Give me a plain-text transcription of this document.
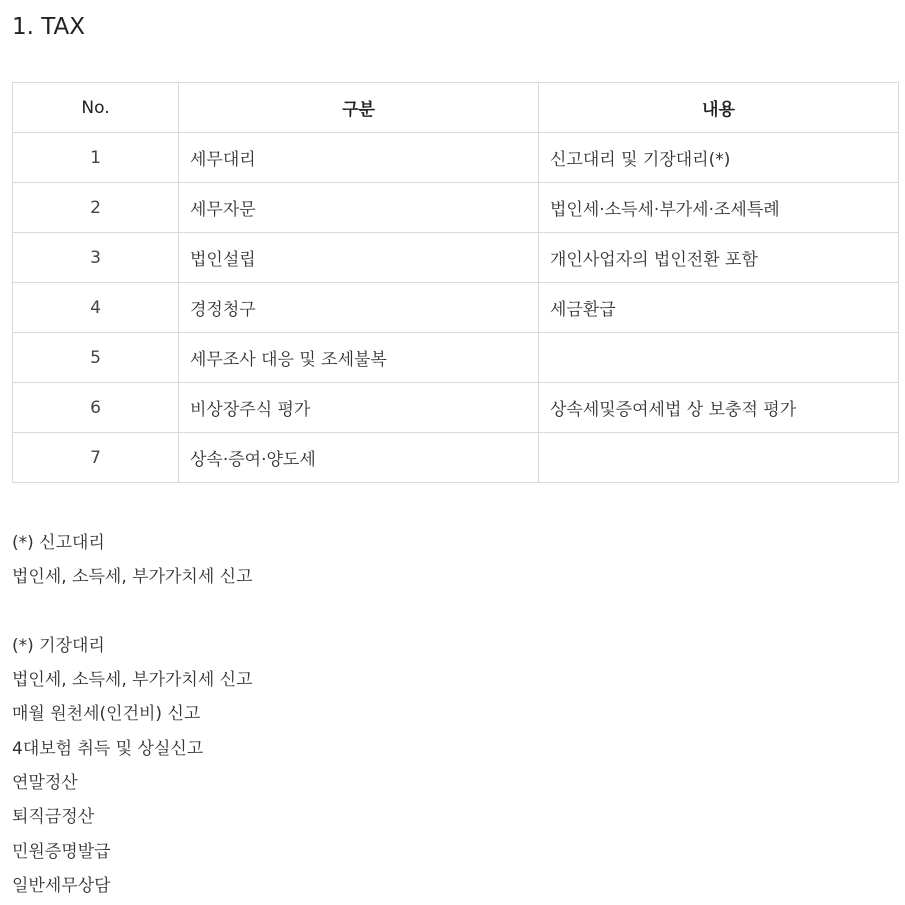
1. TAX
No.	구분	내용
1	세무대리	신고대리 및 기장대리(*)
2	세무자문	법인세·소득세·부가세·조세특례
3	법인설립	개인사업자의 법인전환 포함
4	경정청구	세금환급
5	세무조사 대응 및 조세불복	
6	비상장주식 평가	상속세및증여세법 상 보충적 평가
7	상속·증여·양도세	
(*) 신고대리
법인세, 소득세, 부가가치세 신고
(*) 기장대리
법인세, 소득세, 부가가치세 신고
매월 원천세(인건비) 신고
4대보험 취득 및 상실신고
연말정산
퇴직금정산
민원증명발급
일반세무상담
